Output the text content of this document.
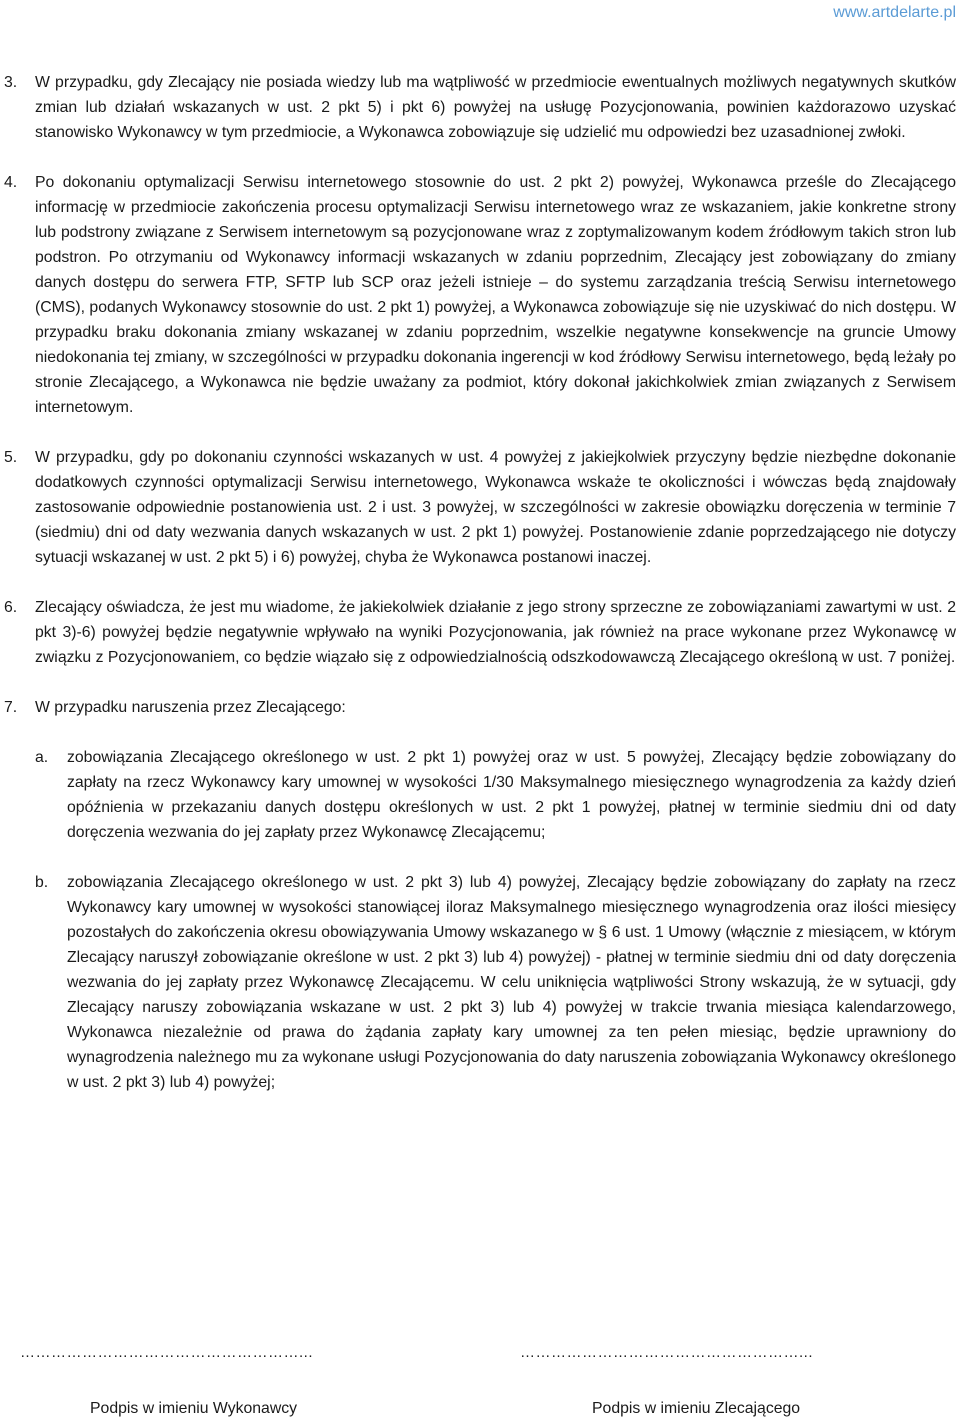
www.artdelarte.pl
3. W przypadku, gdy Zlecający nie posiada wiedzy lub ma wątpliwość w przedmiocie ewentualnych możliwych negatywnych skutków zmian lub działań wskazanych w ust. 2 pkt 5) i pkt 6) powyżej na usługę Pozycjonowania, powinien każdorazowo uzyskać stanowisko Wykonawcy w tym przedmiocie, a Wykonawca zobowiązuje się udzielić mu odpowiedzi bez uzasadnionej zwłoki.
4. Po dokonaniu optymalizacji Serwisu internetowego stosownie do ust. 2 pkt 2) powyżej, Wykonawca prześle do Zlecającego informację w przedmiocie zakończenia procesu optymalizacji Serwisu internetowego wraz ze wskazaniem, jakie konkretne strony lub podstrony związane z Serwisem internetowym są pozycjonowane wraz z zoptymalizowanym kodem źródłowym takich stron lub podstron. Po otrzymaniu od Wykonawcy informacji wskazanych w zdaniu poprzednim, Zlecający jest zobowiązany do zmiany danych dostępu do serwera FTP, SFTP lub SCP oraz jeżeli istnieje – do systemu zarządzania treścią Serwisu internetowego (CMS), podanych Wykonawcy stosownie do ust. 2 pkt 1) powyżej, a Wykonawca zobowiązuje się nie uzyskiwać do nich dostępu. W przypadku braku dokonania zmiany wskazanej w zdaniu poprzednim, wszelkie negatywne konsekwencje na gruncie Umowy niedokonania tej zmiany, w szczególności w przypadku dokonania ingerencji w kod źródłowy Serwisu internetowego, będą leżały po stronie Zlecającego, a Wykonawca nie będzie uważany za podmiot, który dokonał jakichkolwiek zmian związanych z Serwisem internetowym.
5. W przypadku, gdy po dokonaniu czynności wskazanych w ust. 4 powyżej z jakiejkolwiek przyczyny będzie niezbędne dokonanie dodatkowych czynności optymalizacji Serwisu internetowego, Wykonawca wskaże te okoliczności i wówczas będą znajdowały zastosowanie odpowiednie postanowienia ust. 2 i ust. 3 powyżej, w szczególności w zakresie obowiązku doręczenia w terminie 7 (siedmiu) dni od daty wezwania danych wskazanych w ust. 2 pkt 1) powyżej. Postanowienie zdanie poprzedzającego nie dotyczy sytuacji wskazanej w ust. 2 pkt 5) i 6) powyżej, chyba że Wykonawca postanowi inaczej.
6. Zlecający oświadcza, że jest mu wiadome, że jakiekolwiek działanie z jego strony sprzeczne ze zobowiązaniami zawartymi w ust. 2 pkt 3)-6) powyżej będzie negatywnie wpływało na wyniki Pozycjonowania, jak również na prace wykonane przez Wykonawcę w związku z Pozycjonowaniem, co będzie wiązało się z odpowiedzialnością odszkodowawczą Zlecającego określoną w ust. 7 poniżej.
7. W przypadku naruszenia przez Zlecającego:
a. zobowiązania Zlecającego określonego w ust. 2 pkt 1) powyżej oraz w ust. 5 powyżej, Zlecający będzie zobowiązany do zapłaty na rzecz Wykonawcy kary umownej w wysokości 1/30 Maksymalnego miesięcznego wynagrodzenia za każdy dzień opóźnienia w przekazaniu danych dostępu określonych w ust. 2 pkt 1 powyżej, płatnej w terminie siedmiu dni od daty doręczenia wezwania do jej zapłaty przez Wykonawcę Zlecającemu;
b. zobowiązania Zlecającego określonego w ust. 2 pkt 3) lub 4) powyżej, Zlecający będzie zobowiązany do zapłaty na rzecz Wykonawcy kary umownej w wysokości stanowiącej iloraz Maksymalnego miesięcznego wynagrodzenia oraz ilości miesięcy pozostałych do zakończenia okresu obowiązywania Umowy wskazanego w § 6 ust. 1 Umowy (włącznie z miesiącem, w którym Zlecający naruszył zobowiązanie określone w ust. 2 pkt 3) lub 4) powyżej) - płatnej w terminie siedmiu dni od daty doręczenia wezwania do jej zapłaty przez Wykonawcę Zlecającemu. W celu uniknięcia wątpliwości Strony wskazują, że w sytuacji, gdy Zlecający naruszy zobowiązania wskazane w ust. 2 pkt 3) lub 4) powyżej w trakcie trwania miesiąca kalendarzowego, Wykonawca niezależnie od prawa do żądania zapłaty kary umownej za ten pełen miesiąc, będzie uprawniony do wynagrodzenia należnego mu za wykonane usługi Pozycjonowania do daty naruszenia zobowiązania Wykonawcy określonego w ust. 2 pkt 3) lub 4) powyżej;
………………………………………………...	………………………………………………...
Podpis w imieniu Wykonawcy	Podpis w imieniu Zlecającego
